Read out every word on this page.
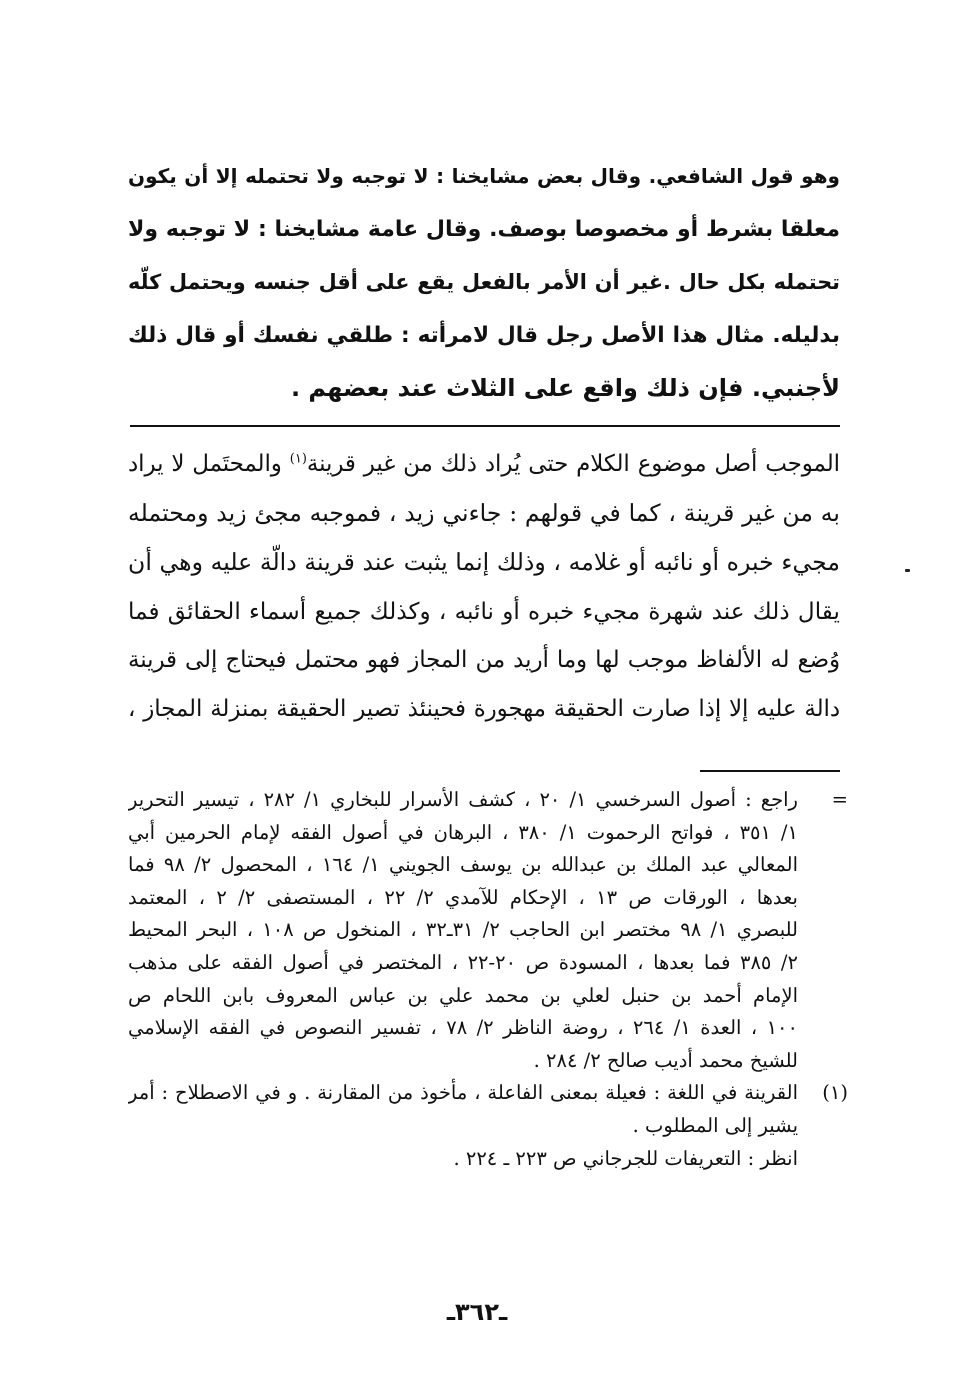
وهو قول الشافعي. وقال بعض مشايخنا : لا توجبه ولا تحتمله إلا أن يكون
معلقا بشرط أو مخصوصا بوصف. وقال عامة مشايخنا : لا توجبه ولا
تحتمله بكل حال .غير أن الأمر بالفعل يقع على أقل جنسه ويحتمل كلّه
بدليله. مثال هذا الأصل رجل قال لامرأته : طلقي نفسك أو قال ذلك
لأجنبي. فإن ذلك واقع على الثلاث عند بعضهم .
الموجب أصل موضوع الكلام حتى يُراد ذلك من غير قرينة$^{(١)}$ والمحتَمل لا يراد
به من غير قرينة ، كما في قولهم : جاءني زيد ، فموجبه مجئ زيد ومحتمله
مجيء خبره أو نائبه أو غلامه ، وذلك إنما يثبت عند قرينة دالّة عليه وهي أن
يقال ذلك عند شهرة مجيء خبره أو نائبه ، وكذلك جميع أسماء الحقائق فما
وُضع له الألفاظ موجب لها وما أريد من المجاز فهو محتمل فيحتاج إلى قرينة
دالة عليه إلا إذا صارت الحقيقة مهجورة فحينئذ تصير الحقيقة بمنزلة المجاز ،
=
راجع : أصول السرخسي ١/ ٢٠ ، كشف الأسرار للبخاري ١/ ٢٨٢ ، تيسير التحرير
١/ ٣٥١ ، فواتح الرحموت ١/ ٣٨٠ ، البرهان في أصول الفقه لإمام الحرمين أبي
المعالي عبد الملك بن عبدالله بن يوسف الجويني ١/ ١٦٤ ، المحصول ٢/ ٩٨ فما
بعدها ، الورقات ص ١٣ ، الإحكام للآمدي ٢/ ٢٢ ، المستصفى ٢/ ٢ ، المعتمد
للبصري ١/ ٩٨ مختصر ابن الحاجب ٢/ ٣١ـ٣٢ ، المنخول ص ١٠٨ ، البحر المحيط
٢/ ٣٨٥ فما بعدها ، المسودة ص ٢٠-٢٢ ، المختصر في أصول الفقه على مذهب
الإمام أحمد بن حنبل لعلي بن محمد علي بن عباس المعروف بابن اللحام ص
١٠٠ ، العدة ١/ ٢٦٤ ، روضة الناظر ٢/ ٧٨ ، تفسير النصوص في الفقه الإسلامي
للشيخ محمد أديب صالح ٢/ ٢٨٤ .
(١)
القرينة في اللغة : فعيلة بمعنى الفاعلة ، مأخوذ من المقارنة . و في الاصطلاح : أمر
يشير إلى المطلوب .
انظر : التعريفات للجرجاني ص ٢٢٣ ـ ٢٢٤ .
ـ٣٦٢ـ
